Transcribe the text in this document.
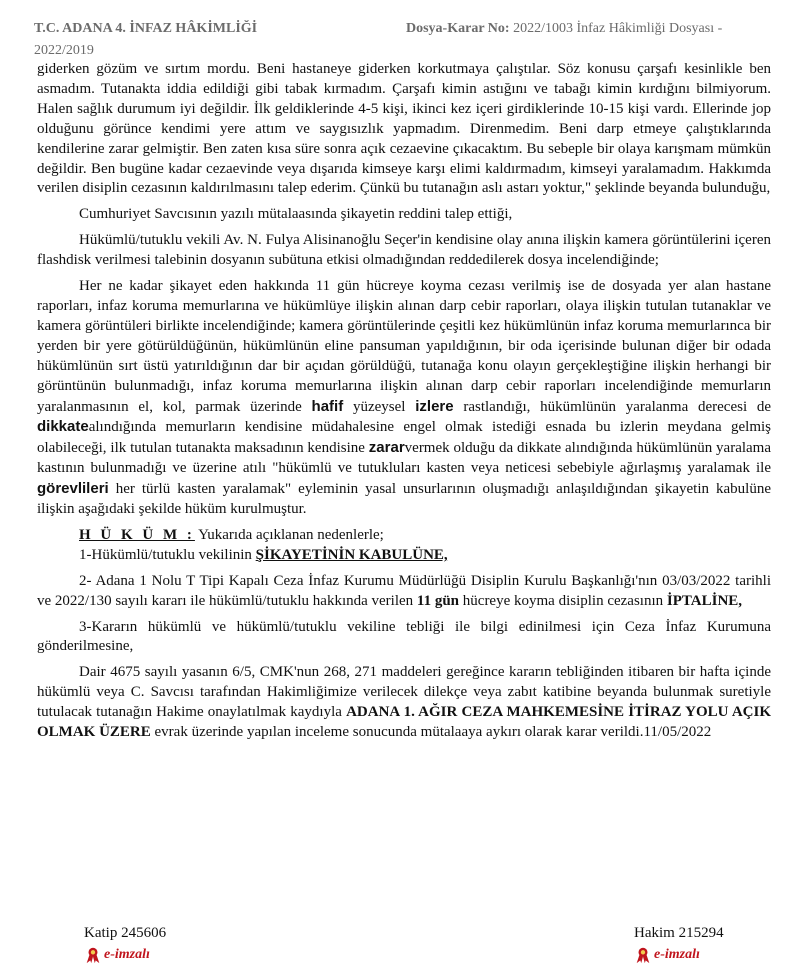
T.C. ADANA 4. İNFAZ HÂKİMLİĞİ	Dosya-Karar No: 2022/1003 İnfaz Hâkimliği Dosyası -
2022/2019

giderken gözüm ve sırtım mordu. Beni hastaneye giderken korkutmaya çalıştılar. Söz konusu çarşafı kesinlikle ben asmadım. Tutanakta iddia edildiği gibi tabak kırmadım. Çarşafı kimin astığını ve tabağı kimin kırdığını bilmiyorum. Halen sağlık durumum iyi değildir. İlk geldiklerinde 4-5 kişi, ikinci kez içeri girdiklerinde 10-15 kişi vardı. Ellerinde jop olduğunu görünce kendimi yere attım ve saygısızlık yapmadım. Direnmedim. Beni darp etmeye çalıştıklarında kendilerine zarar gelmiştir. Ben zaten kısa süre sonra açık cezaevine çıkacaktım. Bu sebeple bir olaya karışmam mümkün değildir. Ben bugüne kadar cezaevinde veya dışarıda kimseye karşı elimi kaldırmadım, kimseyi yaralamadım. Hakkımda verilen disiplin cezasının kaldırılmasını talep ederim. Çünkü bu tutanağın aslı astarı yoktur," şeklinde beyanda bulunduğu,

Cumhuriyet Savcısının yazılı mütalaasında şikayetin reddini talep ettiği,

Hükümlü/tutuklu vekili Av. N. Fulya Alisinanoğlu Seçer'in kendisine olay anına ilişkin kamera görüntülerini içeren flashdisk verilmesi talebinin dosyanın subütuna etkisi olmadığından reddedilerek dosya incelendiğinde;

Her ne kadar şikayet eden hakkında 11 gün hücreye koyma cezası verilmiş ise de dosyada yer alan hastane raporları, infaz koruma memurlarına ve hükümlüye ilişkin alınan darp cebir raporları, olaya ilişkin tutulan tutanaklar ve kamera görüntüleri birlikte incelendiğinde; kamera görüntülerinde çeşitli kez hükümlünün infaz koruma memurlarınca bir yerden bir yere götürüldüğünün, hükümlünün eline pansuman yapıldığının, bir oda içerisinde bulunan diğer bir odada hükümlünün sırt üstü yatırıldığının dar bir açıdan görüldüğü, tutanağa konu olayın gerçekleştiğine ilişkin herhangi bir görüntünün bulunmadığı, infaz koruma memurlarına ilişkin alınan darp cebir raporları incelendiğinde memurların yaralanmasının el, kol, parmak üzerinde hafif yüzeysel izlere rastlandığı, hükümlünün yaralanma derecesi de dikkatealındığında memurların kendisine müdahalesine engel olmak istediği esnada bu izlerin meydana gelmiş olabileceği, ilk tutulan tutanakta maksadının kendisine zararvermek olduğu da dikkate alındığında hükümlünün yaralama kastının bulunmadığı ve üzerine atılı "hükümlü ve tutukluları kasten veya neticesi sebebiyle ağırlaşmış yaralamak ile görevlileri her türlü kasten yaralamak" eyleminin yasal unsurlarının oluşmadığı anlaşıldığından şikayetin kabulüne ilişkin aşağıdaki şekilde hüküm kurulmuştur.

H Ü K Ü M : Yukarıda açıklanan nedenlerle;

1-Hükümlü/tutuklu vekilinin ŞİKAYETİNİN KABULÜNE,

2- Adana 1 Nolu T Tipi Kapalı Ceza İnfaz Kurumu Müdürlüğü Disiplin Kurulu Başkanlığı'nın 03/03/2022 tarihli ve 2022/130 sayılı kararı ile hükümlü/tutuklu hakkında verilen 11 gün hücreye koyma disiplin cezasının İPTALİNE,

3-Kararın hükümlü ve hükümlü/tutuklu vekiline tebliği ile bilgi edinilmesi için Ceza İnfaz Kurumuna gönderilmesine,

Dair 4675 sayılı yasanın 6/5, CMK'nun 268, 271 maddeleri gereğince kararın tebliğinden itibaren bir hafta içinde hükümlü veya C. Savcısı tarafından Hakimliğimize verilecek dilekçe veya zabıt katibine beyanda bulunmak suretiyle tutulacak tutanağın Hakime onaylatılmak kaydıyla ADANA 1. AĞIR CEZA MAHKEMESİNE İTİRAZ YOLU AÇIK OLMAK ÜZERE evrak üzerinde yapılan inceleme sonucunda mütalaaya aykırı olarak karar verildi.11/05/2022

Katip 245606
e-imzalı
Hakim 215294
e-imzalı
